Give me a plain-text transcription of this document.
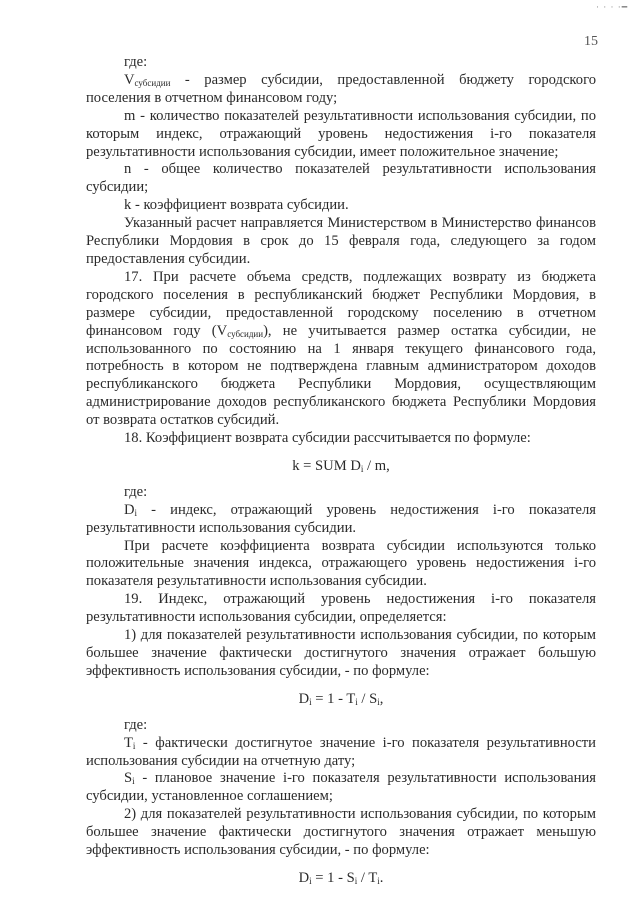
· · · ·━
15

где:

$V_{субсидии}$ - размер субсидии, предоставленной бюджету городского поселения в отчетном финансовом году;

m - количество показателей результативности использования субсидии, по которым индекс, отражающий уровень недостижения i-го показателя результативности использования субсидии, имеет положительное значение;

n - общее количество показателей результативности использования субсидии;

k - коэффициент возврата субсидии.

Указанный расчет направляется Министерством в Министерство финансов Республики Мордовия в срок до 15 февраля года, следующего за годом предоставления субсидии.

17. При расчете объема средств, подлежащих возврату из бюджета городского поселения в республиканский бюджет Республики Мордовия, в размере субсидии, предоставленной городскому поселению в отчетном финансовом году $(V_{субсидии})$, не учитывается размер остатка субсидии, не использованного по состоянию на 1 января текущего финансового года, потребность в котором не подтверждена главным администратором доходов республиканского бюджета Республики Мордовия, осуществляющим администрирование доходов республиканского бюджета Республики Мордовия от возврата остатков субсидий.

18. Коэффициент возврата субсидии рассчитывается по формуле:

k = SUM $D_i$ / m,

где:

$D_i$ - индекс, отражающий уровень недостижения i-го показателя результативности использования субсидии.

При расчете коэффициента возврата субсидии используются только положительные значения индекса, отражающего уровень недостижения i-го показателя результативности использования субсидии.

19. Индекс, отражающий уровень недостижения i-го показателя результативности использования субсидии, определяется:

1) для показателей результативности использования субсидии, по которым большее значение фактически достигнутого значения отражает большую эффективность использования субсидии, - по формуле:

$D_i = 1 - T_i / S_i$,

где:

$T_i$ - фактически достигнутое значение i-го показателя результативности использования субсидии на отчетную дату;

$S_i$ - плановое значение i-го показателя результативности использования субсидии, установленное соглашением;

2) для показателей результативности использования субсидии, по которым большее значение фактически достигнутого значения отражает меньшую эффективность использования субсидии, - по формуле:

$D_i = 1 - S_i / T_i$.
